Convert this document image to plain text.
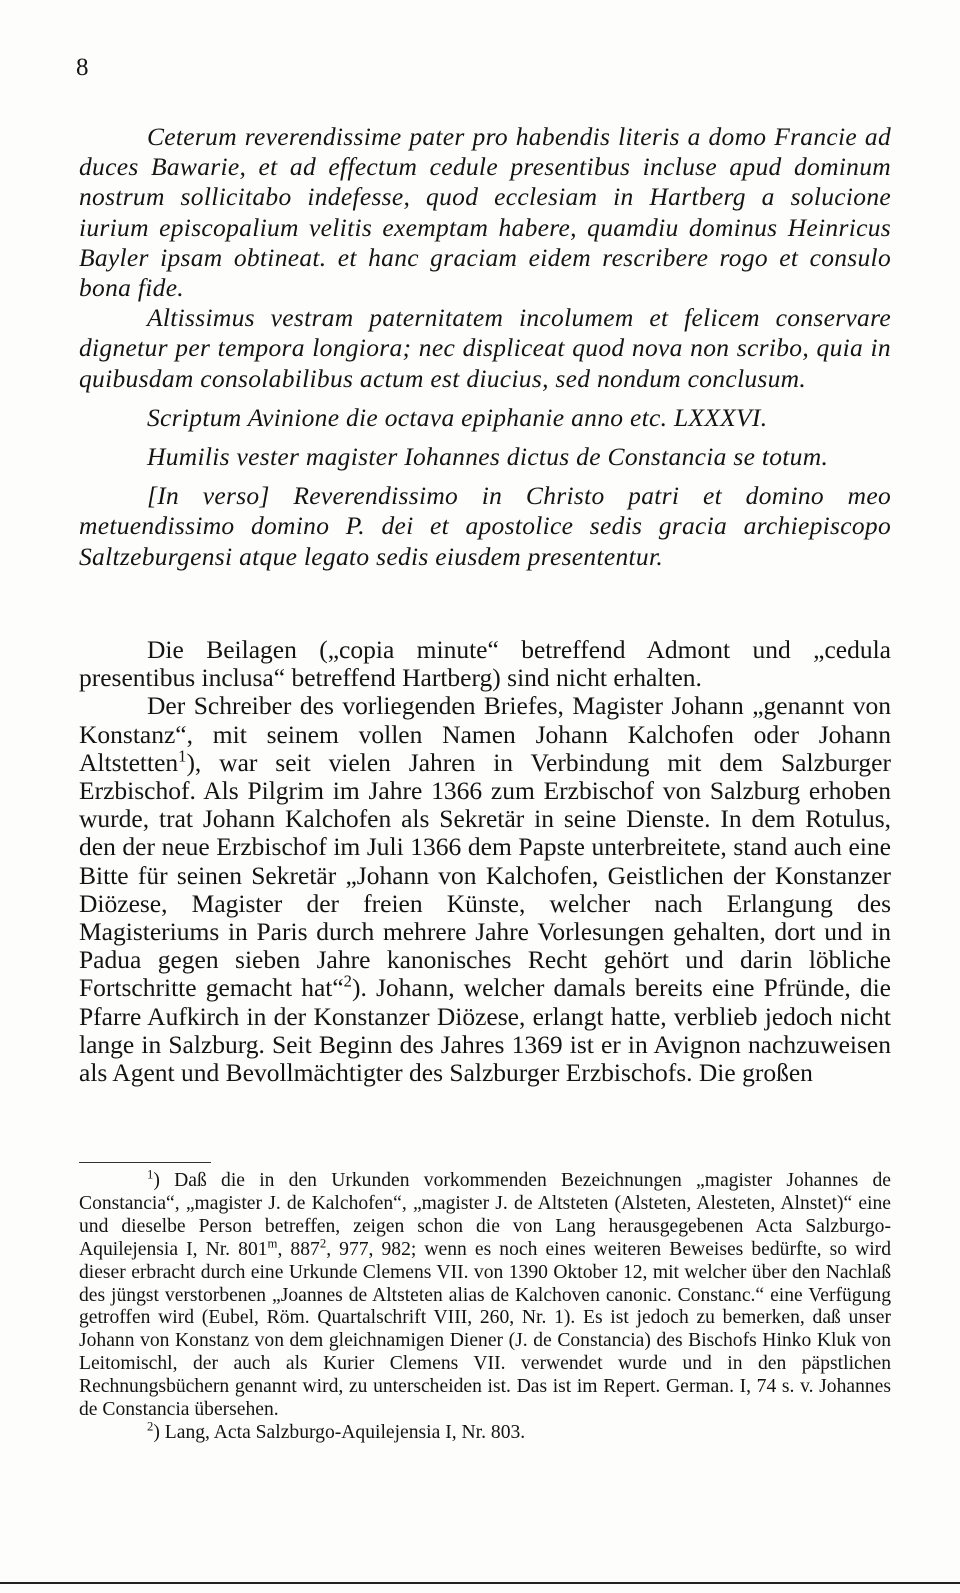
8

Ceterum reverendissime pater pro habendis literis a domo Francie ad duces Bawarie, et ad effectum cedule presentibus incluse apud dominum nostrum sollicitabo indefesse, quod ecclesiam in Hartberg a solucione iurium episcopalium velitis exemptam habere, quamdiu dominus Heinricus Bayler ipsam obtineat. et hanc graciam eidem rescribere rogo et consulo bona fide.

Altissimus vestram paternitatem incolumem et felicem conservare dignetur per tempora longiora; nec displiceat quod nova non scribo, quia in quibusdam consolabilibus actum est diucius, sed nondum conclusum.

Scriptum Avinione die octava epiphanie anno etc. LXXXVI.

Humilis vester magister Iohannes dictus de Constancia se totum.

[In verso] Reverendissimo in Christo patri et domino meo metuendissimo domino P. dei et apostolice sedis gracia archiepiscopo Saltzeburgensi atque legato sedis eiusdem presententur.

Die Beilagen („copia minute“ betreffend Admont und „cedula presentibus inclusa“ betreffend Hartberg) sind nicht erhalten.

Der Schreiber des vorliegenden Briefes, Magister Johann „genannt von Konstanz“, mit seinem vollen Namen Johann Kalchofen oder Johann Altstetten$^1$), war seit vielen Jahren in Verbindung mit dem Salzburger Erzbischof. Als Pilgrim im Jahre 1366 zum Erzbischof von Salzburg erhoben wurde, trat Johann Kalchofen als Sekretär in seine Dienste. In dem Rotulus, den der neue Erzbischof im Juli 1366 dem Papste unterbreitete, stand auch eine Bitte für seinen Sekretär „Johann von Kalchofen, Geistlichen der Konstanzer Diözese, Magister der freien Künste, welcher nach Erlangung des Magisteriums in Paris durch mehrere Jahre Vorlesungen gehalten, dort und in Padua gegen sieben Jahre kanonisches Recht gehört und darin löbliche Fortschritte gemacht hat“$^2$). Johann, welcher damals bereits eine Pfründe, die Pfarre Aufkirch in der Konstanzer Diözese, erlangt hatte, verblieb jedoch nicht lange in Salzburg. Seit Beginn des Jahres 1369 ist er in Avignon nachzuweisen als Agent und Bevollmächtigter des Salzburger Erzbischofs. Die großen

$^1$) Daß die in den Urkunden vorkommenden Bezeichnungen „magister Johannes de Constancia“, „magister J. de Kalchofen“, „magister J. de Altsteten (Alsteten, Alesteten, Alnstet)“ eine und dieselbe Person betreffen, zeigen schon die von Lang herausgegebenen Acta Salzburgo-Aquilejensia I, Nr. 801$^m$, $887^2$, 977, 982; wenn es noch eines weiteren Beweises bedürfte, so wird dieser erbracht durch eine Urkunde Clemens VII. von 1390 Oktober 12, mit welcher über den Nachlaß des jüngst verstorbenen „Joannes de Altsteten alias de Kalchoven canonic. Constanc.“ eine Verfügung getroffen wird (Eubel, Röm. Quartalschrift VIII, 260, Nr. 1). Es ist jedoch zu bemerken, daß unser Johann von Konstanz von dem gleichnamigen Diener (J. de Constancia) des Bischofs Hinko Kluk von Leitomischl, der auch als Kurier Clemens VII. verwendet wurde und in den päpstlichen Rechnungsbüchern genannt wird, zu unterscheiden ist. Das ist im Repert. German. I, 74 s. v. Johannes de Constancia übersehen.

$^2$) Lang, Acta Salzburgo-Aquilejensia I, Nr. 803.
